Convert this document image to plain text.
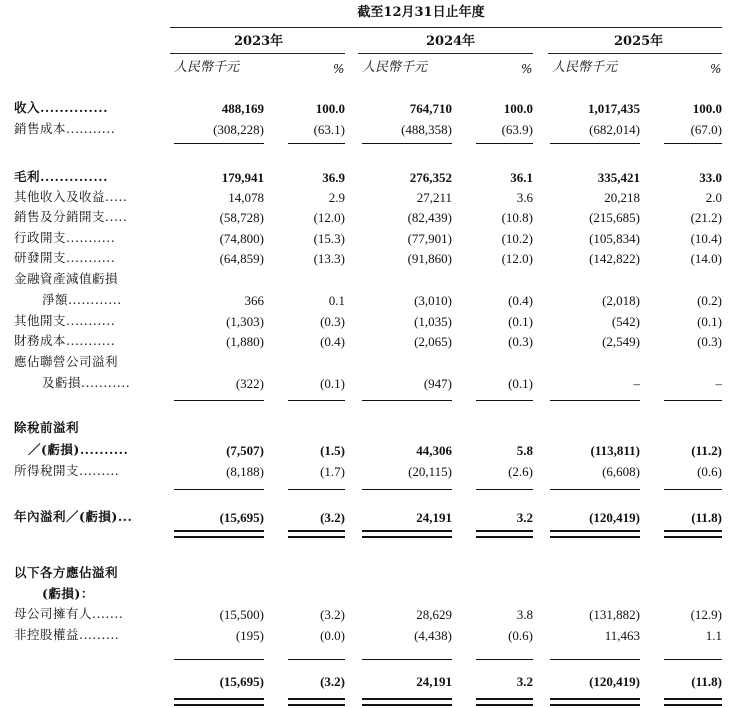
截至12月31日止年度
2023年	2024年	2025年
人民幣千元	% 人民幣千元	% 人民幣千元	%
收入..............	488,169	100.0	764,710	100.0	1,017,435	100.0
銷售成本...........	(308,228)	(63.1)	(488,358)	(63.9)	(682,014)	(67.0)
毛利..............	179,941	36.9	276,352	36.1	335,421	33.0
其他收入及收益.....	14,078	2.9	27,211	3.6	20,218	2.0
銷售及分銷開支.....	(58,728)	(12.0)	(82,439)	(10.8)	(215,685)	(21.2)
行政開支...........	(74,800)	(15.3)	(77,901)	(10.2)	(105,834)	(10.4)
研發開支...........	(64,859)	(13.3)	(91,860)	(12.0)	(142,822)	(14.0)
金融資產減值虧損
淨額............	366	0.1	(3,010)	(0.4)	(2,018)	(0.2)
其他開支...........	(1,303)	(0.3)	(1,035)	(0.1)	(542)	(0.1)
財務成本...........	(1,880)	(0.4)	(2,065)	(0.3)	(2,549)	(0.3)
應佔聯營公司溢利
及虧損...........	(322)	(0.1)	(947)	(0.1)	–	–
除稅前溢利
／(虧損)..........	(7,507)	(1.5)	44,306	5.8	(113,811)	(11.2)
所得稅開支.........	(8,188)	(1.7)	(20,115)	(2.6)	(6,608)	(0.6)
年內溢利／(虧損)...	(15,695)	(3.2)	24,191	3.2	(120,419)	(11.8)
以下各方應佔溢利
(虧損)：
母公司擁有人.......	(15,500)	(3.2)	28,629	3.8	(131,882)	(12.9)
非控股權益.........	(195)	(0.0)	(4,438)	(0.6)	11,463	1.1
(15,695)	(3.2)	24,191	3.2	(120,419)	(11.8)
